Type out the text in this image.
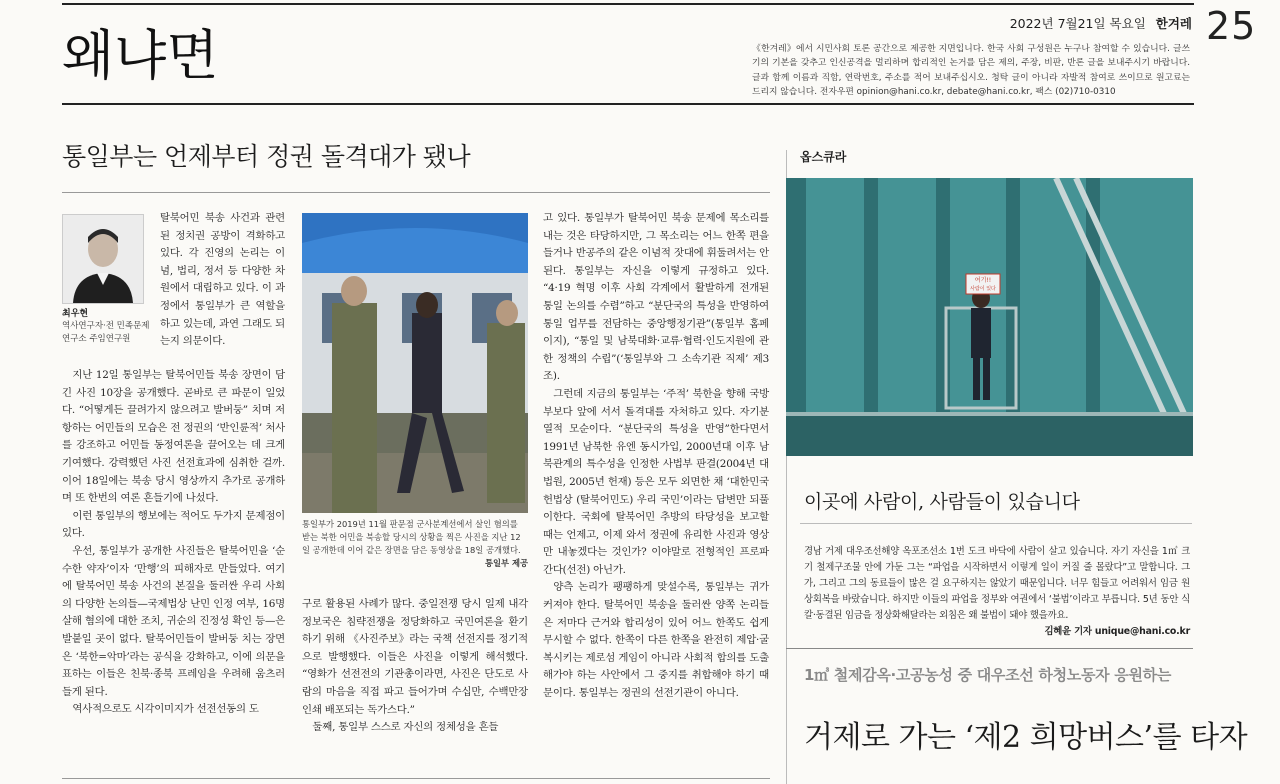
왜냐면
2022년 7월21일 목요일 한겨레 25
《한겨레》에서 시민사회 토론 공간으로 제공한 지면입니다. 한국 사회 구성원은 누구나 참여할 수 있습니다. 글쓰기의 기본을 갖추고 인신공격을 멀리하며 합리적인 논거를 담은 제의, 주장, 비판, 반론 글을 보내주시기 바랍니다. 글과 함께 이름과 직함, 연락번호, 주소를 적어 보내주십시오. 청탁 글이 아니라 자발적 참여로 쓰이므로 원고료는 드리지 않습니다. 전자우편 opinion@hani.co.kr, debate@hani.co.kr, 팩스 (02)710-0310
통일부는 언제부터 정권 돌격대가 됐나
최우현
역사연구자·전 민족문제연구소 주임연구원

탈북어민 북송 사건과 관련된 정치권 공방이 격화하고 있다. 각 진영의 논리는 이념, 법리, 정서 등 다양한 차원에서 대립하고 있다. 이 과정에서 통일부가 큰 역할을 하고 있는데, 과연 그래도 되는지 의문이다.

지난 12일 통일부는 탈북어민들 북송 장면이 담긴 사진 10장을 공개했다. 곧바로 큰 파문이 일었다. “어떻게든 끌려가지 않으려고 발버둥” 치며 저항하는 어민들의 모습은 전 정권의 ‘반인륜적’ 처사를 강조하고 어민들 동정여론을 끌어오는 데 크게 기여했다. 강력했던 사진 선전효과에 심취한 걸까. 이어 18일에는 북송 당시 영상까지 추가로 공개하며 또 한번의 여론 흔들기에 나섰다.

이런 통일부의 행보에는 적어도 두가지 문제점이 있다.

우선, 통일부가 공개한 사진들은 탈북어민을 ‘순수한 약자’이자 ‘만행’의 피해자로 만들었다. 여기에 탈북어민 북송 사건의 본질을 둘러싼 우리 사회의 다양한 논의들—국제법상 난민 인정 여부, 16명 살해 혐의에 대한 조치, 귀순의 진정성 확인 등—은 발붙일 곳이 없다. 탈북어민들이 발버둥 치는 장면은 ‘북한=악마’라는 공식을 강화하고, 이에 의문을 표하는 이들은 친북·종북 프레임을 우려해 움츠러들게 된다.

역사적으로도 시각이미지가 선전선동의 도

통일부가 2019년 11월 판문점 군사분계선에서 살인 혐의를 받는 북한 어민을 북송할 당시의 상황을 찍은 사진을 지난 12일 공개한데 이어 같은 장면을 담은 동영상을 18일 공개했다.
통일부 제공

구로 활용된 사례가 많다. 중일전쟁 당시 일제 내각정보국은 침략전쟁을 정당화하고 국민여론을 환기하기 위해 《사진주보》라는 국책 선전지를 정기적으로 발행했다. 이들은 사진을 이렇게 해석했다. “영화가 선전전의 기관총이라면, 사진은 단도로 사람의 마음을 직접 파고 들어가며 수십만, 수백만장 인쇄 배포되는 독가스다.”

둘째, 통일부 스스로 자신의 정체성을 흔들

고 있다. 통일부가 탈북어민 북송 문제에 목소리를 내는 것은 타당하지만, 그 목소리는 어느 한쪽 편을 들거나 반공주의 같은 이념적 잣대에 휘둘려서는 안 된다. 통일부는 자신을 이렇게 규정하고 있다. “4·19 혁명 이후 사회 각계에서 활발하게 전개된 통일 논의를 수렴”하고 “분단국의 특성을 반영하여 통일 업무를 전담하는 중앙행정기관”(통일부 홈페이지), “통일 및 남북대화·교류·협력·인도지원에 관한 정책의 수립”(‘통일부와 그 소속기관 직제’ 제3조).

그런데 지금의 통일부는 ‘주적’ 북한을 향해 국방부보다 앞에 서서 돌격대를 자처하고 있다. 자기분열적 모순이다. “분단국의 특성을 반영”한다면서 1991년 남북한 유엔 동시가입, 2000년대 이후 남북관계의 특수성을 인정한 사법부 판결(2004년 대법원, 2005년 헌재) 등은 모두 외면한 채 ‘대한민국 헌법상 (탈북어민도) 우리 국민’이라는 답변만 되풀이한다. 국회에 탈북어민 추방의 타당성을 보고할 때는 언제고, 이제 와서 정권에 유리한 사진과 영상만 내놓겠다는 것인가? 이야말로 전형적인 프로파간다(선전) 아닌가.

양측 논리가 팽팽하게 맞설수록, 통일부는 귀가 커져야 한다. 탈북어민 북송을 둘러싼 양쪽 논리들은 저마다 근거와 합리성이 있어 어느 한쪽도 쉽게 무시할 수 없다. 한쪽이 다른 한쪽을 완전히 제압·굴복시키는 제로섬 게임이 아니라 사회적 합의를 도출해가야 하는 사안에서 그 중지를 취합해야 하기 때문이다. 통일부는 정권의 선전기관이 아니다.

옵스큐라
여기!!
사람이 있다
이곳에 사람이, 사람들이 있습니다
경남 거제 대우조선해양 옥포조선소 1번 도크 바닥에 사람이 살고 있습니다. 자기 자신을 1㎥ 크기 철제구조물 안에 가둔 그는 “파업을 시작하면서 이렇게 일이 커질 줄 몰랐다”고 말합니다. 그가, 그리고 그의 동료들이 많은 걸 요구하지는 않았기 때문입니다. 너무 힘들고 어려워서 임금 원상회복을 바랐습니다. 하지만 이들의 파업을 정부와 여권에서 ‘불법’이라고 부릅니다. 5년 동안 식칼·동결된 임금을 정상화해달라는 외침은 왜 불법이 돼야 했을까요.
김혜윤 기자 unique@hani.co.kr
1㎥ 철제감옥·고공농성 중 대우조선 하청노동자 응원하는
거제로 가는 ‘제2 희망버스’를 타자
